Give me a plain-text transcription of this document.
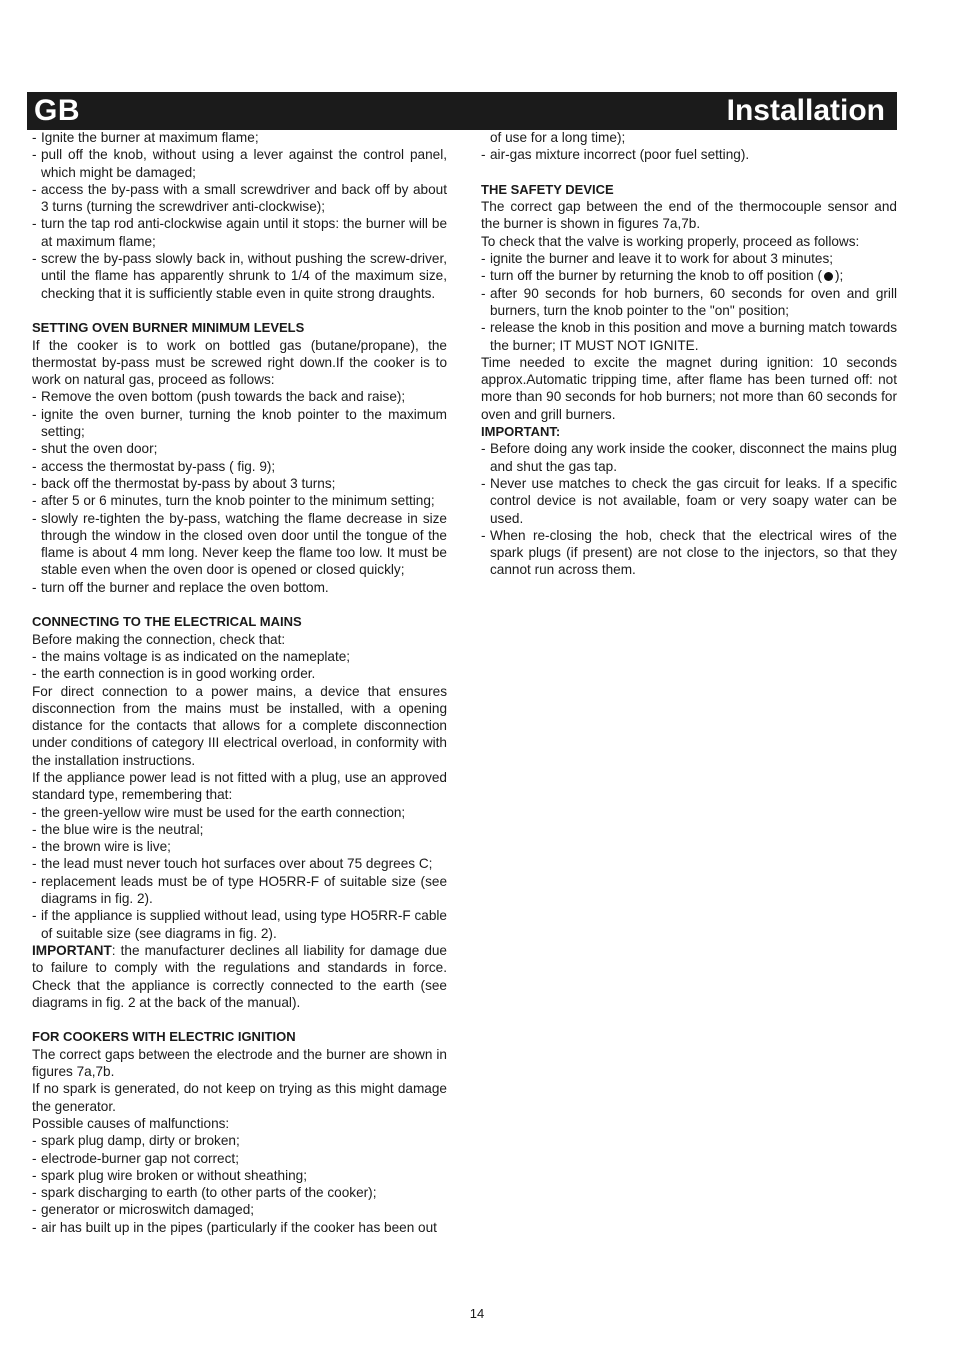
GB	Installation

- Ignite the burner at maximum flame;

- pull off the knob, without using a lever against the control panel, which might be damaged;

- access the by-pass with a small screwdriver and back off by about 3 turns (turning the screwdriver anti-clockwise);

- turn the tap rod anti-clockwise again until it stops: the burner will be at maximum flame;

- screw the by-pass slowly back in, without pushing the screw-driver, until the flame has apparently shrunk to 1/4 of the maximum size, checking that it is sufficiently stable even in quite strong draughts.

SETTING OVEN BURNER MINIMUM LEVELS

If the cooker is to work on bottled gas (butane/propane), the thermostat by-pass must be screwed right down.If the cooker is to work on natural gas, proceed as follows:

- Remove the oven bottom (push towards the back and raise);

- ignite the oven burner, turning the knob pointer to the maximum setting;

- shut the oven door;

- access the thermostat by-pass ( fig. 9);

- back off the thermostat by-pass by about 3 turns;

- after 5 or 6 minutes, turn the knob pointer to the minimum setting;

- slowly re-tighten the by-pass, watching the flame decrease in size through the window in the closed oven door until the tongue of the flame is about 4 mm long. Never keep the flame too low. It must be stable even when the oven door is opened or closed quickly;

- turn off the burner and replace the oven bottom.

CONNECTING TO THE ELECTRICAL MAINS

Before making the connection, check that:

- the mains voltage is as indicated on the nameplate;

- the earth connection is in good working order.

For direct connection to a power mains, a device that ensures disconnection from the mains must be installed, with a opening distance for the contacts that allows for a complete disconnection under conditions of category III electrical overload, in conformity with the installation instructions.

If the appliance power lead is not fitted with a plug, use an approved standard type, remembering that:

- the green-yellow wire must be used for the earth connection;

- the blue wire is the neutral;

- the brown wire is live;

- the lead must never touch hot surfaces over about 75 degrees C;

- replacement leads must be of type HO5RR-F of suitable size (see diagrams in fig. 2).

- if the appliance is supplied without lead, using type HO5RR-F cable of suitable size (see diagrams in fig. 2).

IMPORTANT: the manufacturer declines all liability for damage due to failure to comply with the regulations and standards in force. Check that the appliance is correctly connected to the earth (see diagrams in fig. 2 at the back of the manual).

FOR COOKERS WITH ELECTRIC IGNITION

The correct gaps between the electrode and the burner are shown in figures 7a,7b.

If no spark is generated, do not keep on trying as this might damage the generator.

Possible causes of malfunctions:

- spark plug damp, dirty or broken;

- electrode-burner gap not correct;

- spark plug wire broken or without sheathing;

- spark discharging to earth (to other parts of the cooker);

- generator or microswitch damaged;

- air has built up in the pipes (particularly if the cooker has been out

of use for a long time);

- air-gas mixture incorrect (poor fuel setting).

THE SAFETY DEVICE

The correct gap between the end of the thermocouple sensor and the burner is shown in figures 7a,7b.

To check that the valve is working properly, proceed as follows:

- ignite the burner and leave it to work for about 3 minutes;

- turn off the burner by returning the knob to off position ( );

- after 90 seconds for hob burners, 60 seconds for oven and grill burners, turn the knob pointer to the "on" position;

- release the knob in this position and move a burning match towards the burner; IT MUST NOT IGNITE.

Time needed to excite the magnet during ignition: 10 seconds approx.Automatic tripping time, after flame has been turned off: not more than 90 seconds for hob burners; not more than 60 seconds for oven and grill burners.

IMPORTANT:

- Before doing any work inside the cooker, disconnect the mains plug and shut the gas tap.

- Never use matches to check the gas circuit for leaks. If a specific control device is not available, foam or very soapy water can be used.

- When re-closing the hob, check that the electrical wires of the spark plugs (if present) are not close to the injectors, so that they cannot run across them.

14
